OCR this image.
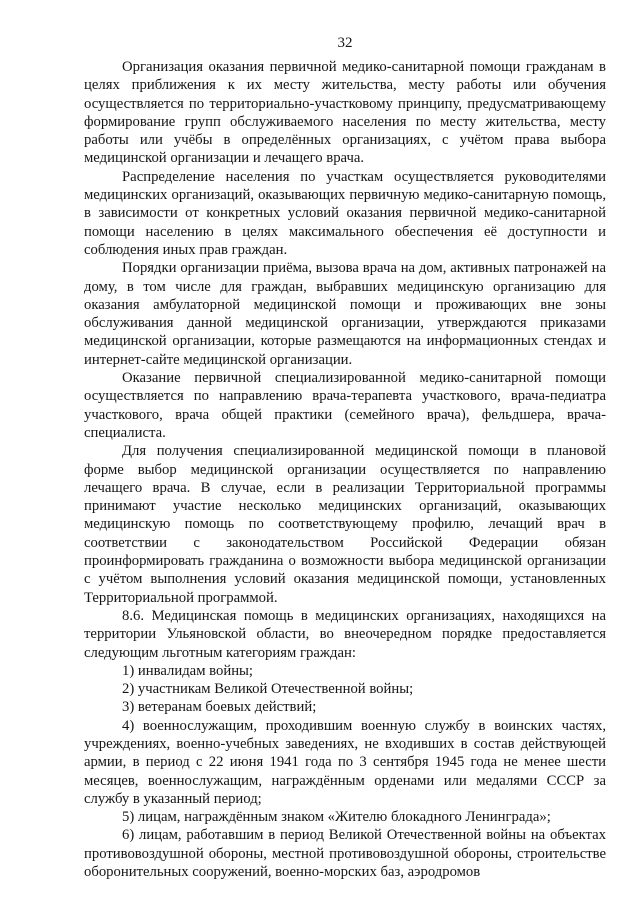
32

Организация оказания первичной медико-санитарной помощи гражданам в целях приближения к их месту жительства, месту работы или обучения осуществляется по территориально-участковому принципу, предусматривающему формирование групп обслуживаемого населения по месту жительства, месту работы или учёбы в определённых организациях, с учётом права выбора медицинской организации и лечащего врача.

Распределение населения по участкам осуществляется руководителями медицинских организаций, оказывающих первичную медико-санитарную помощь, в зависимости от конкретных условий оказания первичной медико-санитарной помощи населению в целях максимального обеспечения её доступности и соблюдения иных прав граждан.

Порядки организации приёма, вызова врача на дом, активных патронажей на дому, в том числе для граждан, выбравших медицинскую организацию для оказания амбулаторной медицинской помощи и проживающих вне зоны обслуживания данной медицинской организации, утверждаются приказами медицинской организации, которые размещаются на информационных стендах и интернет-сайте медицинской организации.

Оказание первичной специализированной медико-санитарной помощи осуществляется по направлению врача-терапевта участкового, врача-педиатра участкового, врача общей практики (семейного врача), фельдшера, врача-специалиста.

Для получения специализированной медицинской помощи в плановой форме выбор медицинской организации осуществляется по направлению лечащего врача. В случае, если в реализации Территориальной программы принимают участие несколько медицинских организаций, оказывающих медицинскую помощь по соответствующему профилю, лечащий врач в соответствии с законодательством Российской Федерации обязан проинформировать гражданина о возможности выбора медицинской организации с учётом выполнения условий оказания медицинской помощи, установленных Территориальной программой.

8.6. Медицинская помощь в медицинских организациях, находящихся на территории Ульяновской области, во внеочередном порядке предоставляется следующим льготным категориям граждан:

1) инвалидам войны;

2) участникам Великой Отечественной войны;

3) ветеранам боевых действий;

4) военнослужащим, проходившим военную службу в воинских частях, учреждениях, военно-учебных заведениях, не входивших в состав действующей армии, в период с 22 июня 1941 года по 3 сентября 1945 года не менее шести месяцев, военнослужащим, награждённым орденами или медалями СССР за службу в указанный период;

5) лицам, награждённым знаком «Жителю блокадного Ленинграда»;

6) лицам, работавшим в период Великой Отечественной войны на объектах противовоздушной обороны, местной противовоздушной обороны, строительстве оборонительных сооружений, военно-морских баз, аэродромов
